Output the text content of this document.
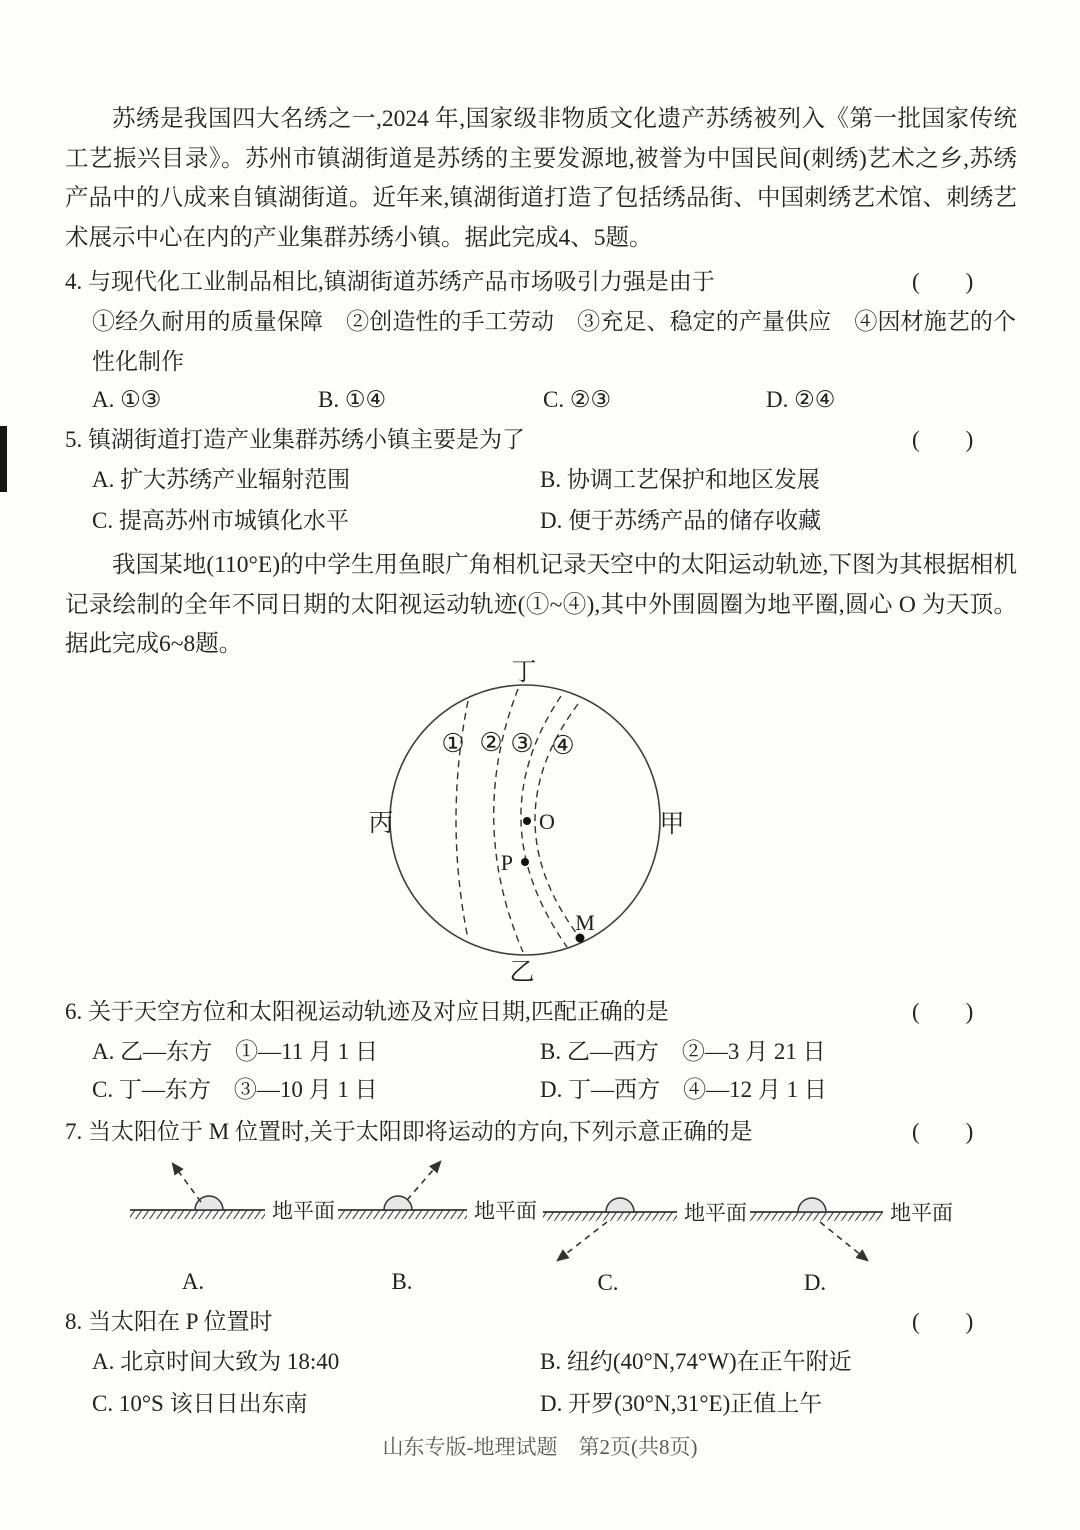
苏绣是我国四大名绣之一,2024 年,国家级非物质文化遗产苏绣被列入《第一批国家传统工艺振兴目录》。苏州市镇湖街道是苏绣的主要发源地,被誉为中国民间(刺绣)艺术之乡,苏绣产品中的八成来自镇湖街道。近年来,镇湖街道打造了包括绣品街、中国刺绣艺术馆、刺绣艺术展示中心在内的产业集群苏绣小镇。据此完成4、5题。
4. 与现代化工业制品相比,镇湖街道苏绣产品市场吸引力强是由于	(  )
①经久耐用的质量保障　②创造性的手工劳动　③充足、稳定的产量供应　④因材施艺的个性化制作
A. ①③	B. ①④	C. ②③	D. ②④
5. 镇湖街道打造产业集群苏绣小镇主要是为了	(  )
A. 扩大苏绣产业辐射范围	B. 协调工艺保护和地区发展
C. 提高苏州市城镇化水平	D. 便于苏绣产品的储存收藏
我国某地(110°E)的中学生用鱼眼广角相机记录天空中的太阳运动轨迹,下图为其根据相机记录绘制的全年不同日期的太阳视运动轨迹(①~④),其中外围圆圈为地平圈,圆心 O 为天顶。据此完成6~8题。
① ② ③ ④
丁
乙
丙	甲
O
P
M
6. 关于天空方位和太阳视运动轨迹及对应日期,匹配正确的是	(  )
A. 乙—东方　①—11 月 1 日	B. 乙—西方　②—3 月 21 日
C. 丁—东方　③—10 月 1 日	D. 丁—西方　④—12 月 1 日
7. 当太阳位于 M 位置时,关于太阳即将运动的方向,下列示意正确的是	(  )
地平面
A.
地平面
B.
地平面
C.
地平面
D.
8. 当太阳在 P 位置时	(  )
A. 北京时间大致为 18:40	B. 纽约(40°N,74°W)在正午附近
C. 10°S 该日日出东南	D. 开罗(30°N,31°E)正值上午
山东专版-地理试题　第2页(共8页)
